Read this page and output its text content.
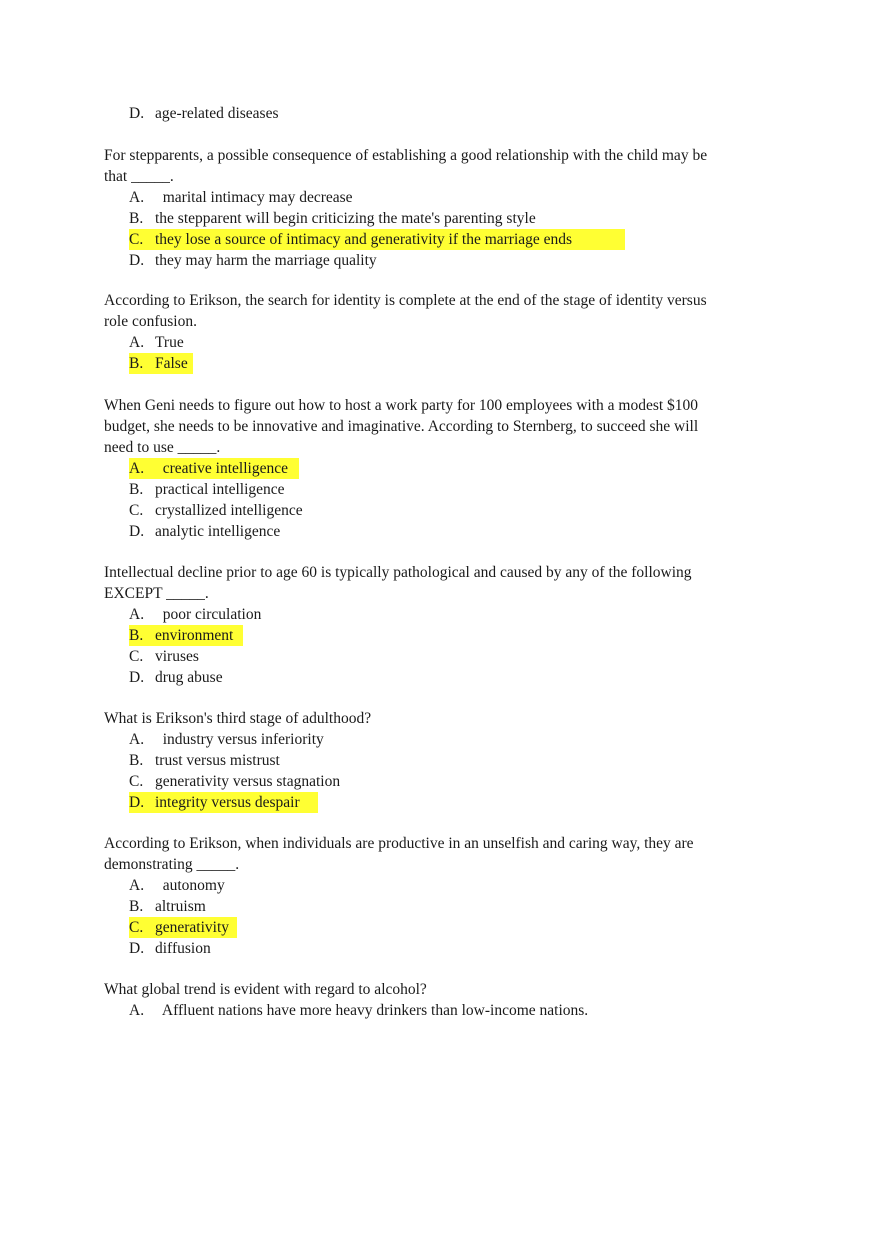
D. age-related diseases

For stepparents, a possible consequence of establishing a good relationship with the child may be that _____.

A.  marital intimacy may decrease
B. the stepparent will begin criticizing the mate's parenting style
C. they lose a source of intimacy and generativity if the marriage ends
D. they may harm the marriage quality

According to Erikson, the search for identity is complete at the end of the stage of identity versus role confusion.

A. True
B. False

When Geni needs to figure out how to host a work party for 100 employees with a modest $100 budget, she needs to be innovative and imaginative. According to Sternberg, to succeed she will need to use _____.

A.  creative intelligence
B. practical intelligence
C. crystallized intelligence
D. analytic intelligence

Intellectual decline prior to age 60 is typically pathological and caused by any of the following EXCEPT _____.

A.  poor circulation
B. environment
C. viruses
D. drug abuse

What is Erikson's third stage of adulthood?

A.  industry versus inferiority
B. trust versus mistrust
C. generativity versus stagnation
D. integrity versus despair

According to Erikson, when individuals are productive in an unselfish and caring way, they are demonstrating _____.

A.  autonomy
B. altruism
C. generativity
D. diffusion

What global trend is evident with regard to alcohol?

A.  Affluent nations have more heavy drinkers than low-income nations.
